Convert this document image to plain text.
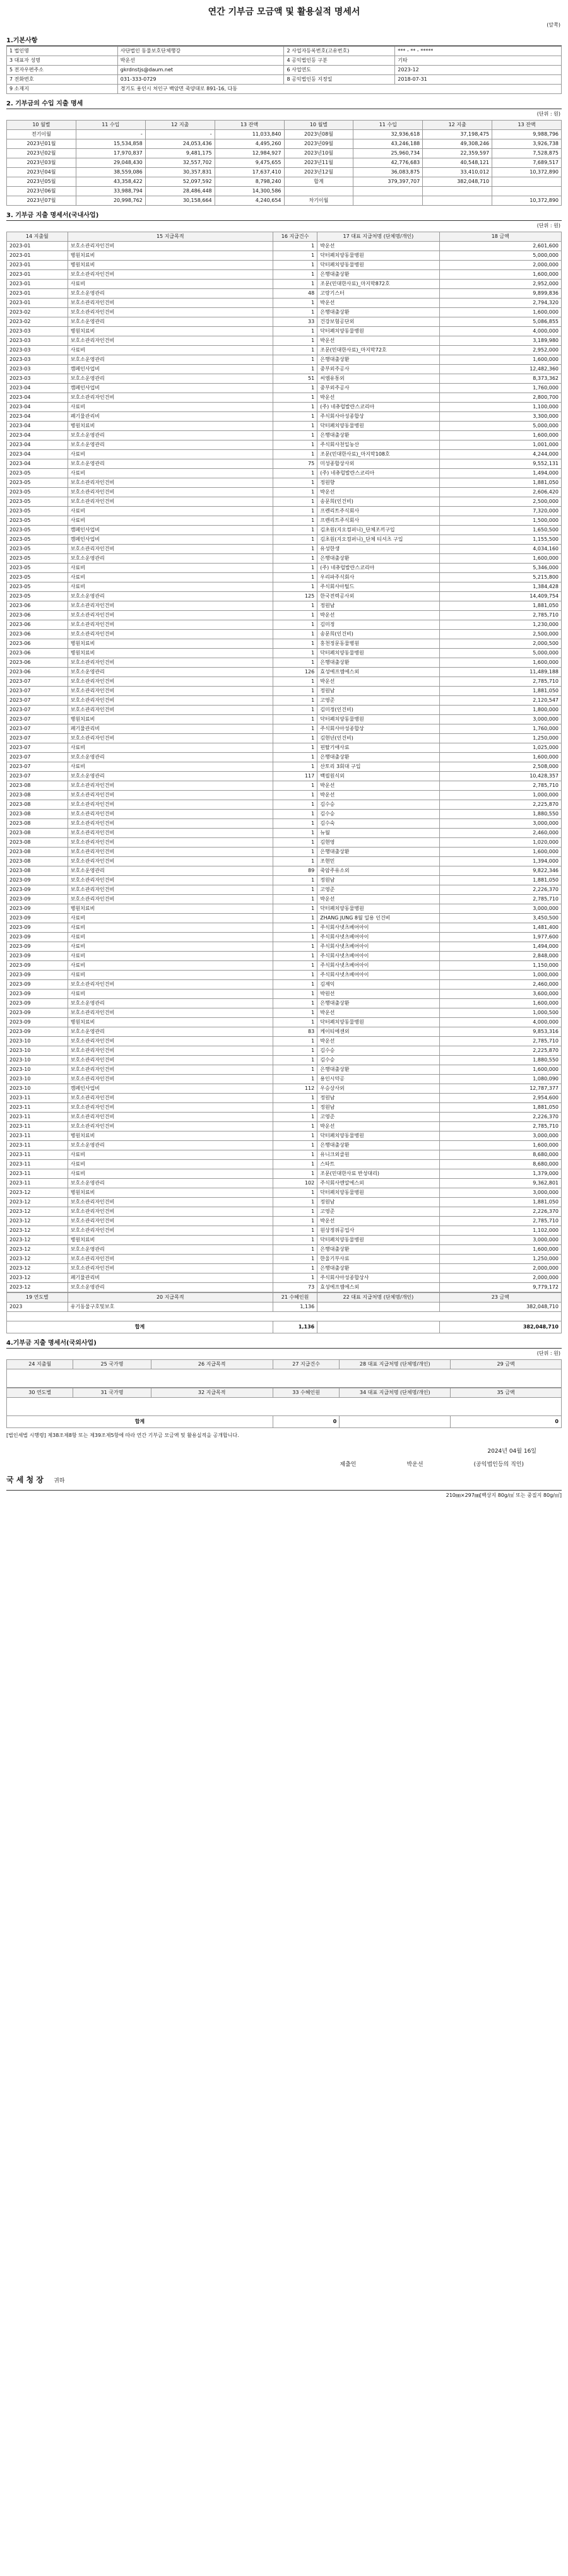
연간 기부금 모금액 및 활용실적 명세서
(앞쪽)
1.기본사항
1 법인명	사단법인 동물보호단체행강	2 사업자등록번호(고유번호)	*** - ** - *****
3 대표자 성명	박운선	4 공익법인등 구분	기타
5 전자우편주소	gkrdnstjs@daum.net	6 사업연도	2023-12
7 전화번호	031-333-0729	8 공익법인등 지정일	2018-07-31
9 소재지	경기도 용인시 처인구 백암면 죽양대로 891-16, 다동		
2. 기부금의 수입 지출 명세
(단위 : 원)
10 월별	11 수입	12 지출	13 잔액	10 월별	11 수입	12 지출	13 잔액
전기이월	-	-	11,033,840	2023년08월	32,936,618	37,198,475	9,988,796
2023년01월	15,534,858	24,053,436	4,495,260	2023년09월	43,246,188	49,308,246	3,926,738
2023년02월	17,970,837	9,481,175	12,984,927	2023년10월	25,960,734	22,359,597	7,528,875
2023년03월	29,048,430	32,557,702	9,475,655	2023년11월	42,776,683	40,548,121	7,689,517
2023년04월	38,559,086	30,357,831	17,637,410	2023년12월	36,083,875	33,410,012	10,372,890
2023년05월	43,358,422	52,097,592	8,798,240	합계	379,397,707	382,048,710	
2023년06월	33,988,794	28,486,448	14,300,586				
2023년07월	20,998,762	30,158,664	4,240,654	차기이월			10,372,890
3. 기부금 지출 명세서(국내사업)
(단위 : 원)
14 지출월	15 지급목적	16 지급건수	17 대표 지급처명 (단체명/개인)	18 금액
2023-01	보호소관리자인건비	1	박운선	2,601,600
2023-01	병원치료비	1	닥터폐치양동물병원	5,000,000
2023-01	병원치료비	1	닥터폐치양동물병원	2,000,000
2023-01	보호소관리자인건비	1	은행대출상환	1,600,000
2023-01	사료비	1	조문(민대한사료)_마지막872호	2,952,000
2023-01	보호소운영관리	48	고랑기스터	9,899,836
2023-01	보호소관리자인건비	1	박운선	2,794,320
2023-02	보호소관리자인건비	1	은행대출상환	1,600,000
2023-02	보호소운영관리	33	건강보험공단외	5,086,855
2023-03	병원치료비	1	닥터폐치양동물병원	4,000,000
2023-03	보호소관리자인건비	1	박운선	3,189,980
2023-03	사료비	1	조문(민대한사료)_마지막72호	2,952,000
2023-03	보호소운영관리	1	은행대출상환	1,600,000
2023-03	캠페인사업비	1	중부외주공사	12,482,360
2023-03	보호소운영관리	51	씨엠유통외	8,373,362
2023-04	캠페인사업비	1	중부외주공사	1,760,000
2023-04	보호소관리자인건비	1	박운선	2,800,700
2023-04	사료비	1	(주) 네츄럴발란스코리아	1,100,000
2023-04	폐기물관리비	1	주식회사아성종합상	3,300,000
2023-04	병원치료비	1	닥터폐치양동물병원	5,000,000
2023-04	보호소운영관리	1	은행대출상환	1,600,000
2023-04	보호소운영관리	1	주식회사천일농산	1,001,000
2023-04	사료비	1	조문(민대한사료)_마지막108호	4,244,000
2023-04	보호소운영관리	75	미성종합상사외	9,552,131
2023-05	사료비	1	(주) 네츄럴발란스코리아	1,494,000
2023-05	보호소관리자인건비	1	정원향	1,881,050
2023-05	보호소관리자인건비	1	박운선	2,606,420
2023-05	보호소관리자인건비	1	송문희(인건비)	2,500,000
2023-05	사료비	1	프렌리트주식회사	7,320,000
2023-05	사료비	1	프렌리트주식회사	1,500,000
2023-05	캠페인사업비	1	김초원(지오컴퍼니)_단체조끼구입	1,650,500
2023-05	캠페인사업비	1	김초원(지오컴퍼니)_단체 티셔츠 구입	1,155,500
2023-05	보호소관리자인건비	1	유성한생	4,034,160
2023-05	보호소운영관리	1	은행대출상환	1,600,000
2023-05	사료비	1	(주) 네츄럴발란스코리아	5,346,000
2023-05	사료비	1	우리파주식회사	5,215,800
2023-05	사료비	1	주식회사아틸드	1,384,428
2023-05	보호소운영관리	125	한국전력공사외	14,409,754
2023-06	보호소관리자인건비	1	정원남	1,881,050
2023-06	보호소관리자인건비	1	박운선	2,785,710
2023-06	보호소관리자인건비	1	김미정	1,230,000
2023-06	보호소관리자인건비	1	송문희(인건비)	2,500,000
2023-06	병원치료비	1	홍천정문동물병원	2,000,500
2023-06	병원치료비	1	닥터폐치양동물병원	5,000,000
2023-06	보호소관리자인건비	1	은행대출상환	1,600,000
2023-06	보호소운영관리	126	효성에프엠에스외	11,489,188
2023-07	보호소관리자인건비	1	박운선	2,785,710
2023-07	보호소관리자인건비	1	정원남	1,881,050
2023-07	보호소관리자인건비	1	고영준	2,120,547
2023-07	보호소관리자인건비	1	김미정(인건비)	1,800,000
2023-07	병원치료비	1	닥터폐치양동물병원	3,000,000
2023-07	폐기물관리비	1	주식회사아성종합상	1,760,000
2023-07	보호소관리자인건비	1	김현년(인건비)	1,250,000
2023-07	사료비	1	핀탈기애사료	1,025,000
2023-07	보호소운영관리	1	은행대출상환	1,600,000
2023-07	사료비	1	산토리 3회대 구입	2,508,000
2023-07	보호소운영관리	117	백필원식외	10,428,357
2023-08	보호소관리자인건비	1	박운선	2,785,710
2023-08	보호소관리자인건비	1	박운선	1,000,000
2023-08	보호소관리자인건비	1	김수승	2,225,870
2023-08	보호소관리자인건비	1	김수승	1,880,550
2023-08	보호소관리자인건비	1	김수숙	3,000,000
2023-08	보호소관리자인건비	1	뉴월	2,460,000
2023-08	보호소관리자인건비	1	김현영	1,020,000
2023-08	보호소관리자인건비	1	은행대출상환	1,600,000
2023-08	보호소관리자인건비	1	조현민	1,394,000
2023-08	보호소운영관리	89	죽암주유소외	9,822,346
2023-09	보호소관리자인건비	1	정원남	1,881,050
2023-09	보호소관리자인건비	1	고영준	2,226,370
2023-09	보호소관리자인건비	1	박운선	2,785,710
2023-09	병원치료비	1	닥터폐치양동물병원	3,000,000
2023-09	사료비	1	ZHANG JUNG 8월 일용 인건비	3,450,500
2023-09	사료비	1	주식회사넷츠베어아이	1,481,400
2023-09	사료비	1	주식회사넷츠베어아이	1,977,600
2023-09	사료비	1	주식회사넷츠베어아이	1,494,000
2023-09	사료비	1	주식회사넷츠베어아이	2,848,000
2023-09	사료비	1	주식회사넷츠베어아이	1,150,000
2023-09	사료비	1	주식회사넷츠베어아이	1,000,000
2023-09	보호소관리자인건비	1	김제익	2,460,000
2023-09	사료비	1	박원선	3,600,000
2023-09	보호소운영관리	1	은행대출상환	1,600,000
2023-09	보호소관리자인건비	1	박운선	1,000,500
2023-09	병원치료비	1	닥터폐치양동물병원	4,000,000
2023-09	보호소운영관리	83	케이티에센외	9,853,316
2023-10	보호소관리자인건비	1	박운선	2,785,710
2023-10	보호소관리자인건비	1	김수승	2,225,870
2023-10	보호소관리자인건비	1	김수승	1,880,550
2023-10	보호소관리자인건비	1	은행대출상환	1,600,000
2023-10	보호소관리자인건비	1	용인시약공	1,080,090
2023-10	캠페인사업비	112	우승상사외	12,787,377
2023-11	보호소관리자인건비	1	정원남	2,954,600
2023-11	보호소관리자인건비	1	정원남	1,881,050
2023-11	보호소관리자인건비	1	고영준	2,226,370
2023-11	보호소관리자인건비	1	박운선	2,785,710
2023-11	병원치료비	1	닥터폐치양동물병원	3,000,000
2023-11	보호소운영관리	1	은행대출상환	1,600,000
2023-11	사료비	1	유니크외클원	8,680,000
2023-11	사료비	1	스타트	8,680,000
2023-11	사료비	1	조문(민대한사료 반성대리)	1,379,000
2023-11	보호소운영관리	102	주식회사엔알에스외	9,362,801
2023-12	병원치료비	1	닥터폐치양동물병원	3,000,000
2023-12	보호소관리자인건비	1	정원남	1,881,050
2023-12	보호소관리자인건비	1	고영준	2,226,370
2023-12	보호소관리자인건비	1	박운선	2,785,710
2023-12	보호소관리자인건비	1	원상정위공업사	1,102,000
2023-12	병원치료비	1	닥터폐치양동물병원	3,000,000
2023-12	보호소운영관리	1	은행대출상환	1,600,000
2023-12	보호소관리자인건비	1	한울기부사료	1,250,000
2023-12	보호소관리자인건비	1	은행대출상환	2,000,000
2023-12	폐기물관리비	1	주식회사아성종합상사	2,000,000
2023-12	보호소운영관리	73	효성에프엠에스외	9,779,172
19 연도별	20 지급목적	21 수혜인원	22 대표 지급처명 (단체명/개인)	23 금액
2023	유기동물구호및보호	1,136		382,048,710

합계		1,136		382,048,710
4.기부금 지출 명세서(국외사업)
(단위 : 원)
24 지출월	25 국가명	26 지급목적	27 지급건수	28 대표 지급처명 (단체명/개인)	29 금액

30 연도별	31 국가명	32 지급목적	33 수혜인원	34 대표 지급처명 (단체명/개인)	35 금액

합계			0		0
[법인세법 시행령] 제38조제8항 또는 제39조제5항에 따라 연간 기부금 모금액 및 활용실적을 공개합니다.
2024년 04월 16일
제출인	박운선	(공익법인등의 직인)
국 세 청 장 귀하
210㎜×297㎜[백상지 80g/㎡ 또는 중질지 80g/㎡]
